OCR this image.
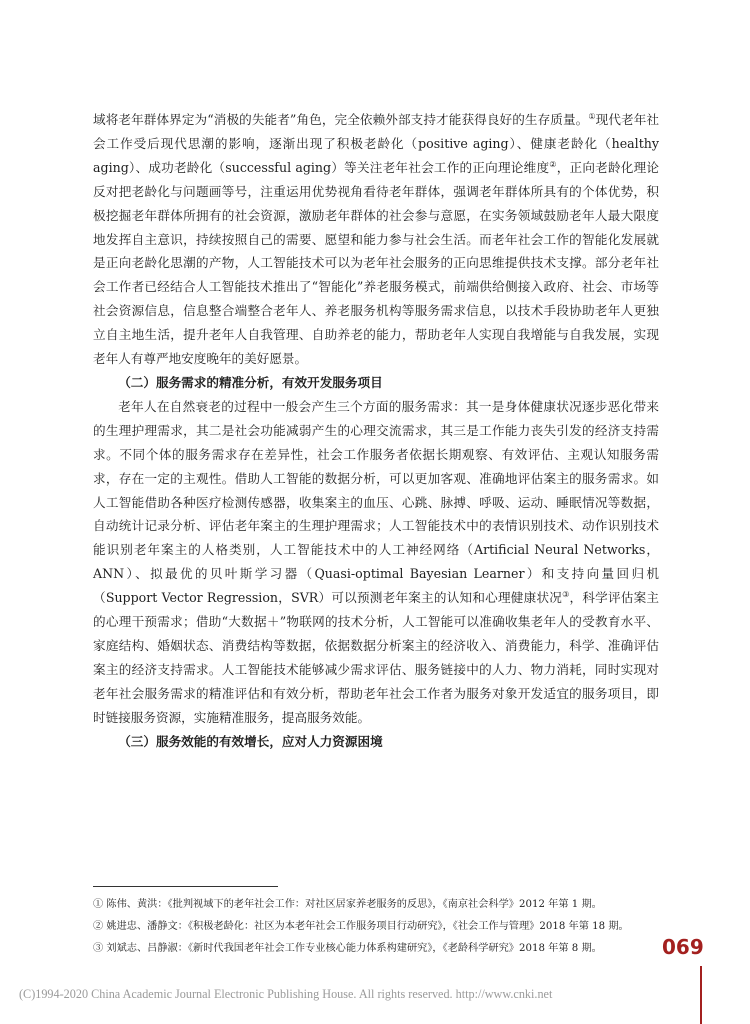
域将老年群体界定为“消极的失能者”角色，完全依赖外部支持才能获得良好的生存质量。①现代老年社会工作受后现代思潮的影响，逐渐出现了积极老龄化（positive aging）、健康老龄化（healthy aging）、成功老龄化（successful aging）等关注老年社会工作的正向理论维度②，正向老龄化理论反对把老龄化与问题画等号，注重运用优势视角看待老年群体，强调老年群体所具有的个体优势，积极挖掘老年群体所拥有的社会资源，激励老年群体的社会参与意愿，在实务领域鼓励老年人最大限度地发挥自主意识，持续按照自己的需要、愿望和能力参与社会生活。而老年社会工作的智能化发展就是正向老龄化思潮的产物，人工智能技术可以为老年社会服务的正向思维提供技术支撑。部分老年社会工作者已经结合人工智能技术推出了“智能化”养老服务模式，前端供给侧接入政府、社会、市场等社会资源信息，信息整合端整合老年人、养老服务机构等服务需求信息，以技术手段协助老年人更独立自主地生活，提升老年人自我管理、自助养老的能力，帮助老年人实现自我增能与自我发展，实现老年人有尊严地安度晚年的美好愿景。

（二）服务需求的精准分析，有效开发服务项目

老年人在自然衰老的过程中一般会产生三个方面的服务需求：其一是身体健康状况逐步恶化带来的生理护理需求，其二是社会功能减弱产生的心理交流需求，其三是工作能力丧失引发的经济支持需求。不同个体的服务需求存在差异性，社会工作服务者依据长期观察、有效评估、主观认知服务需求，存在一定的主观性。借助人工智能的数据分析，可以更加客观、准确地评估案主的服务需求。如人工智能借助各种医疗检测传感器，收集案主的血压、心跳、脉搏、呼吸、运动、睡眠情况等数据，自动统计记录分析、评估老年案主的生理护理需求；人工智能技术中的表情识别技术、动作识别技术能识别老年案主的人格类别，人工智能技术中的人工神经网络（Artificial Neural Networks，ANN）、拟最优的贝叶斯学习器（Quasi-optimal Bayesian Learner）和支持向量回归机（Support Vector Regression，SVR）可以预测老年案主的认知和心理健康状况③，科学评估案主的心理干预需求；借助“大数据＋”物联网的技术分析，人工智能可以准确收集老年人的受教育水平、家庭结构、婚姻状态、消费结构等数据，依据数据分析案主的经济收入、消费能力，科学、准确评估案主的经济支持需求。人工智能技术能够减少需求评估、服务链接中的人力、物力消耗，同时实现对老年社会服务需求的精准评估和有效分析，帮助老年社会工作者为服务对象开发适宜的服务项目，即时链接服务资源，实施精准服务，提高服务效能。

（三）服务效能的有效增长，应对人力资源困境

① 陈伟、黄洪：《批判视域下的老年社会工作：对社区居家养老服务的反思》，《南京社会科学》2012 年第 1 期。
② 姚进忠、潘静文：《积极老龄化：社区为本老年社会工作服务项目行动研究》，《社会工作与管理》2018 年第 18 期。
③ 刘斌志、吕静淑：《新时代我国老年社会工作专业核心能力体系构建研究》，《老龄科学研究》2018 年第 8 期。	069
(C)1994-2020 China Academic Journal Electronic Publishing House. All rights reserved. http://www.cnki.net
